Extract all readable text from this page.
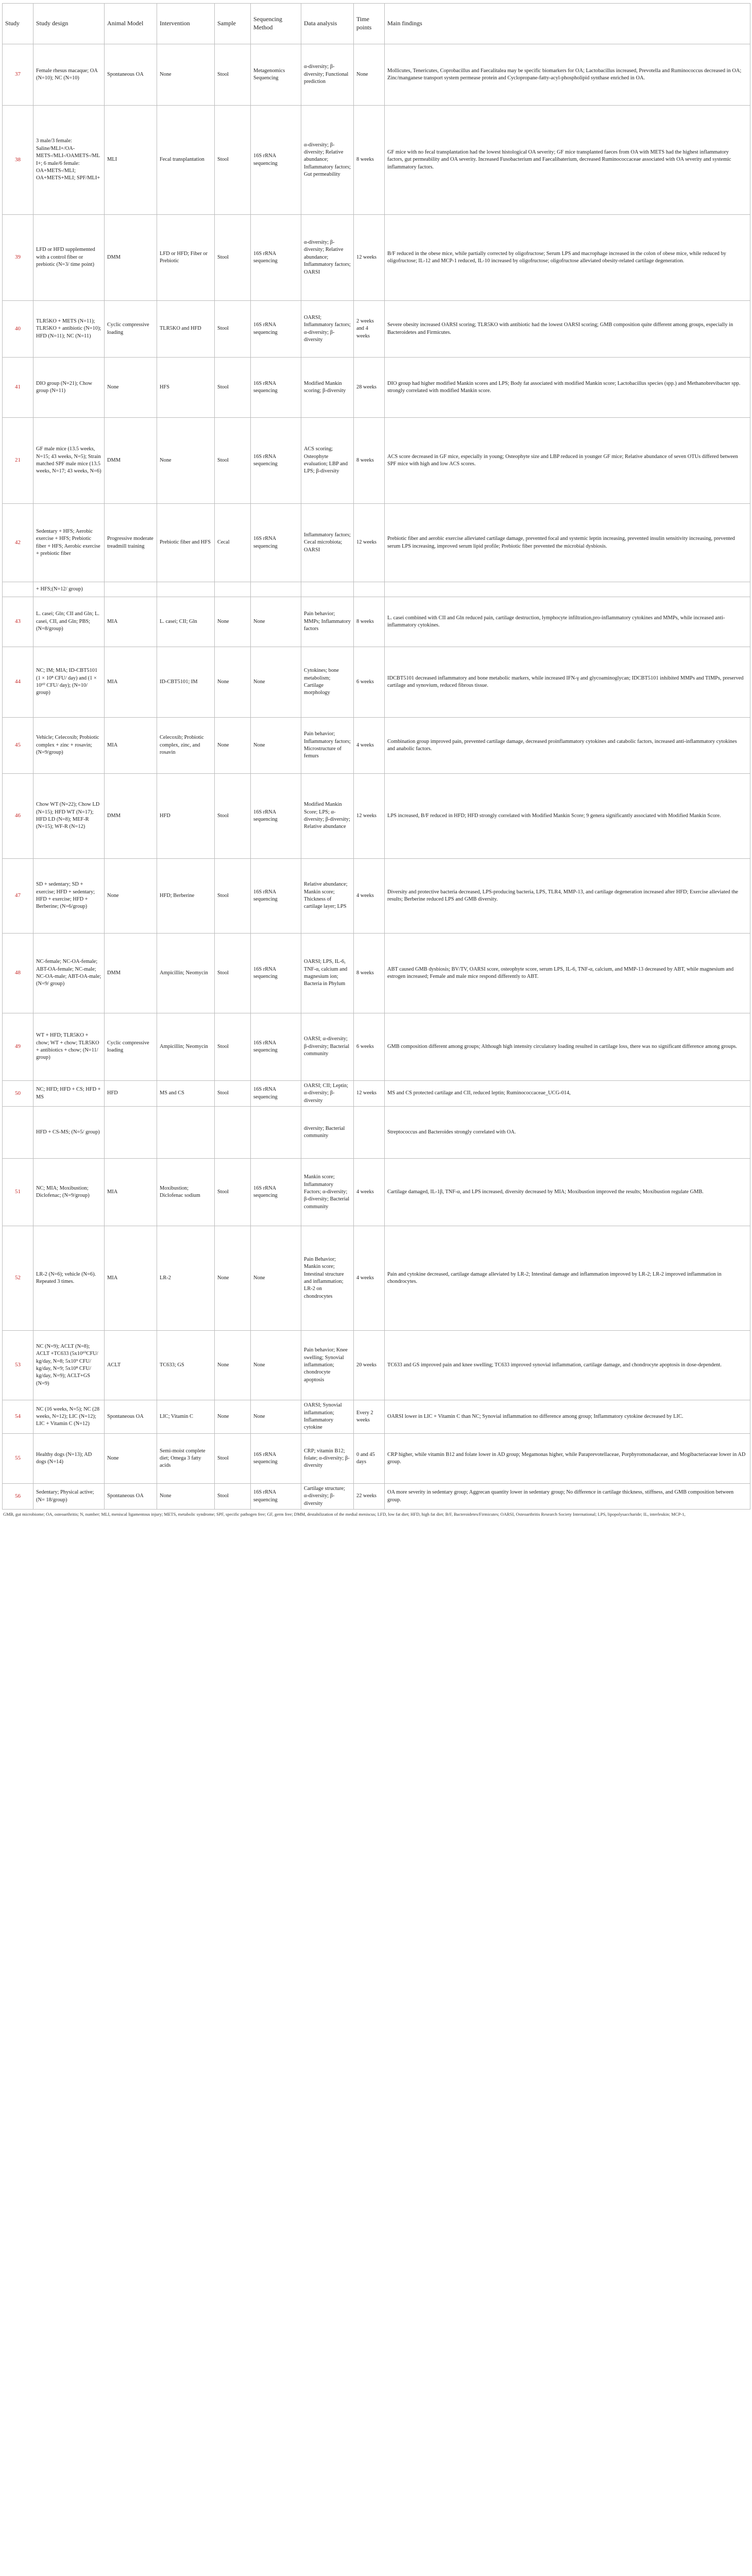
Study	Study design	Animal Model	Intervention	Sample	Sequencing Method	Data analysis	Time points	Main findings
37	Female rhesus macaque; OA (N=10); NC (N=10)	Spontaneous OA	None	Stool	Metagenomics Sequencing	α-diversity; β-diversity; Functional prediction	None	Mollicutes, Tenericutes, Coprobacillus and Faecalitalea may be specific biomarkers for OA; Lactobacillus increased, Prevotella and Ruminococcus decreased in OA; Zinc/manganese transport system permease protein and Cyclopropane-fatty-acyl-phospholipid synthase enriched in OA.
38	3 male/3 female: Saline/MLI+/OA-METS-/MLI-/OAMETS-/MLI+; 6 male/6 female: OA+METS-/MLI; OA+METS+MLI; SPF/MLI+	MLI	Fecal transplantation	Stool	16S rRNA sequencing	α-diversity; β-diversity; Relative abundance; Inflammatory factors; Gut permeability	8 weeks	GF mice with no fecal transplantation had the lowest histological OA severity; GF mice transplanted faeces from OA with METS had the highest inflammatory factors, gut permeability and OA severity. Increased Fusobacterium and Faecalibaterium, decreased Ruminococcaceae associated with OA severity and systemic inflammatory factors.
39	LFD or HFD supplemented with a control fiber or prebiotic (N=3/ time point)	DMM	LFD or HFD; Fiber or Prebiotic	Stool	16S rRNA sequencing	α-diversity; β-diversity; Relative abundance; Inflammatory factors; OARSI	12 weeks	B/F reduced in the obese mice, while partially corrected by oligofructose; Serum LPS and macrophage increased in the colon of obese mice, while reduced by oligofructose; IL-12 and MCP-1 reduced, IL-10 increased by oligofructose; oligofructose alleviated obesity-related cartilage degeneration.
40	TLR5KO + METS (N=11); TLR5KO + antibiotic (N=10); HFD (N=11); NC (N=11)	Cyclic compressive loading	TLR5KO and HFD	Stool	16S rRNA sequencing	OARSI; Inflammatory factors; α-diversity; β-diversity	2 weeks and 4 weeks	Severe obesity increased OARSI scoring; TLR5KO with antibiotic had the lowest OARSI scoring; GMB composition quite different among groups, especially in Bacteroidetes and Firmicutes.
41	DIO group (N=21); Chow group (N=11)	None	HFS	Stool	16S rRNA sequencing	Modified Mankin scoring; β-diversity	28 weeks	DIO group had higher modified Mankin scores and LPS; Body fat associated with modified Mankin score; Lactobacillus species (spp.) and Methanobrevibacter spp. strongly correlated with modified Mankin score.
21	GF male mice (13.5 weeks, N=15; 43 weeks, N=5); Strain matched SPF male mice (13.5 weeks, N=17; 43 weeks, N=6)	DMM	None	Stool	16S rRNA sequencing	ACS scoring; Osteophyte evaluation; LBP and LPS; β-diversity	8 weeks	ACS score decreased in GF mice, especially in young; Osteophyte size and LBP reduced in younger GF mice; Relative abundance of seven OTUs differed between SPF mice with high and low ACS scores.
42	Sedentary + HFS; Aerobic exercise + HFS; Prebiotic fiber + HFS; Aerobic exercise + prebiotic fiber	Progressive moderate treadmill training	Prebiotic fiber and HFS	Cecal	16S rRNA sequencing	Inflammatory factors; Cecal microbiota; OARSI	12 weeks	Prebiotic fiber and aerobic exercise alleviated cartilage damage, prevented focal and systemic leptin increasing, prevented insulin sensitivity increasing, prevented serum LPS increasing, improved serum lipid profile; Prebiotic fiber prevented the microbial dysbiosis.
	+ HFS;(N=12/ group)							
43	L. casei; Gln; CII and Gln; L. casei, CII, and Gln; PBS; (N=8/group)	MIA	L. casei; CII; Gln	None	None	Pain behavior; MMPs; Inflammatory factors	8 weeks	L. casei combined with CII and Gln reduced pain, cartilage destruction, lymphocyte infiltration,pro-inflammatory cytokines and MMPs, while increased anti-inflammatory cytokines.
44	NC; IM; MIA; ID-CBT5101 (1 × 10⁸ CFU/ day) and (1 × 10¹⁰ CFU/ day); (N=10/ group)	MIA	ID-CBT5101; IM	None	None	Cytokines; bone metabolism; Cartilage morphology	6 weeks	IDCBT5101 decreased inflammatory and bone metabolic markers, while increased IFN-γ and glycoaminoglycan; IDCBT5101 inhibited MMPs and TIMPs, preserved cartilage and synovium, reduced fibrous tissue.
45	Vehicle; Celecoxib; Probiotic complex + zinc + rosavin; (N=9/group)	MIA	Celecoxib; Probiotic complex, zinc, and rosavin	None	None	Pain behavior; Inflammatory factors; Microstructure of femurs	4 weeks	Combination group improved pain, prevented cartilage damage, decreased proinflammatory cytokines and catabolic factors, increased anti-inflammatory cytokines and anabolic factors.
46	Chow WT (N=22); Chow LD (N=15); HFD WT (N=17); HFD LD (N=8); MEF-R (N=15); WF-R (N=12)	DMM	HFD	Stool	16S rRNA sequencing	Modified Mankin Score; LPS; α-diversity; β-diversity; Relative abundance	12 weeks	LPS increased, B/F reduced in HFD; HFD strongly correlated with Modified Mankin Score; 9 genera significantly associated with Modified Mankin Score.
47	SD + sedentary; SD + exercise; HFD + sedentary; HFD + exercise; HFD + Berberine; (N=6/group)	None	HFD; Berberine	Stool	16S rRNA sequencing	Relative abundance; Mankin score; Thickness of cartilage layer; LPS	4 weeks	Diversity and protective bacteria decreased, LPS-producing bacteria, LPS, TLR4, MMP-13, and cartilage degeneration increased after HFD; Exercise alleviated the results; Berberine reduced LPS and GMB diversity.
48	NC-female; NC-OA-female; ABT-OA-female; NC-male; NC-OA-male; ABT-OA-male; (N=9/ group)	DMM	Ampicillin; Neomycin	Stool	16S rRNA sequencing	OARSI; LPS, IL-6, TNF-α, calcium and magnesium ion; Bacteria in Phylum	8 weeks	ABT caused GMB dysbiosis; BV/TV, OARSI score, osteophyte score, serum LPS, IL-6, TNF-α, calcium, and MMP-13 decreased by ABT, while magnesium and estrogen increased; Female and male mice respond differently to ABT.
49	WT + HFD; TLR5KO + chow; WT + chow; TLR5KO + antibiotics + chow; (N=11/ group)	Cyclic compressive loading	Ampicillin; Neomycin	Stool	16S rRNA sequencing	OARSI; α-diversity; β-diversity; Bacterial community	6 weeks	GMB composition different among groups; Although high intensity circulatory loading resulted in cartilage loss, there was no significant difference among groups.
50	NC; HFD; HFD + CS; HFD + MS	HFD	MS and CS	Stool	16S rRNA sequencing	OARSI; CII; Leptin; α-diversity; β-diversity	12 weeks	MS and CS protected cartilage and CII, reduced leptin; Ruminococcaceae_UCG-014,
	HFD + CS-MS; (N=5/ group)					diversity; Bacterial community		Streptococcus and Bacteroides strongly correlated with OA.
51	NC; MIA; Moxibustion; Diclofenac; (N=9/group)	MIA	Moxibustion; Diclofenac sodium	Stool	16S rRNA sequencing	Mankin score; Inflammatory Factors; α-diversity; β-diversity; Bacterial community	4 weeks	Cartilage damaged, IL-1β, TNF-α, and LPS increased, diversity decreased by MIA; Moxibustion improved the results; Moxibustion regulate GMB.
52	LR-2 (N=6); vehicle (N=6). Repeated 3 times.	MIA	LR-2	None	None	Pain Behavior; Mankin score; Intestinal structure and inflammation; LR-2 on chondrocytes	4 weeks	Pain and cytokine decreased, cartilage damage alleviated by LR-2; Intestinal damage and inflammation improved by LR-2; LR-2 improved inflammation in chondrocytes.
53	NC (N=9); ACLT (N=8); ACLT +TC633 (5x10¹⁰CFU/ kg/day, N=8; 5x10⁹ CFU/ kg/day, N=9; 5x10⁸ CFU/ kg/day, N=9); ACLT+GS (N=9)	ACLT	TC633; GS	None	None	Pain behavior; Knee swelling; Synovial inflammation; chondrocyte apoptosis	20 weeks	TC633 and GS improved pain and knee swelling; TC633 improved synovial inflammation, cartilage damage, and chondrocyte apoptosis in dose-dependent.
54	NC (16 weeks, N=5); NC (28 weeks, N=12); LIC (N=12); LIC + Vitamin C (N=12)	Spontaneous OA	LIC; Vitamin C	None	None	OARSI; Synovial inflammation; Inflammatory cytokine	Every 2 weeks	OARSI lower in LIC + Vitamin C than NC; Synovial inflammation no difference among group; Inflammatory cytokine decreased by LIC.
55	Healthy dogs (N=13); AD dogs (N=14)	None	Semi-moist complete diet; Omega 3 fatty acids	Stool	16S rRNA sequencing	CRP; vitamin B12; folate; α-diversity; β-diversity	0 and 45 days	CRP higher, while vitamin B12 and folate lower in AD group; Megamonas higher, while Paraprevotellaceae, Porphyromonadaceae, and Mogibacteriaceae lower in AD group.
56	Sedentary; Physical active; (N= 18/group)	Spontaneous OA	None	Stool	16S rRNA sequencing	Cartilage structure; α-diversity; β-diversity	22 weeks	OA more severity in sedentary group; Aggrecan quantity lower in sedentary group; No difference in cartilage thickness, stiffness, and GMB composition between group.
GMB, gut microbiome; OA, osteoarthritis; N, number; MLI, meniscal ligamentous injury; METS, metabolic syndrome; SPF, specific pathogen free; GF, germ free; DMM, destabilization of the medial meniscus; LFD, low fat diet; HFD, high fat diet; B/F, Bacteroidetes/Firmicutes; OARSI, Osteoarthritis Research Society International; LPS, lipopolysaccharide; IL, interleukin; MCP-1,
